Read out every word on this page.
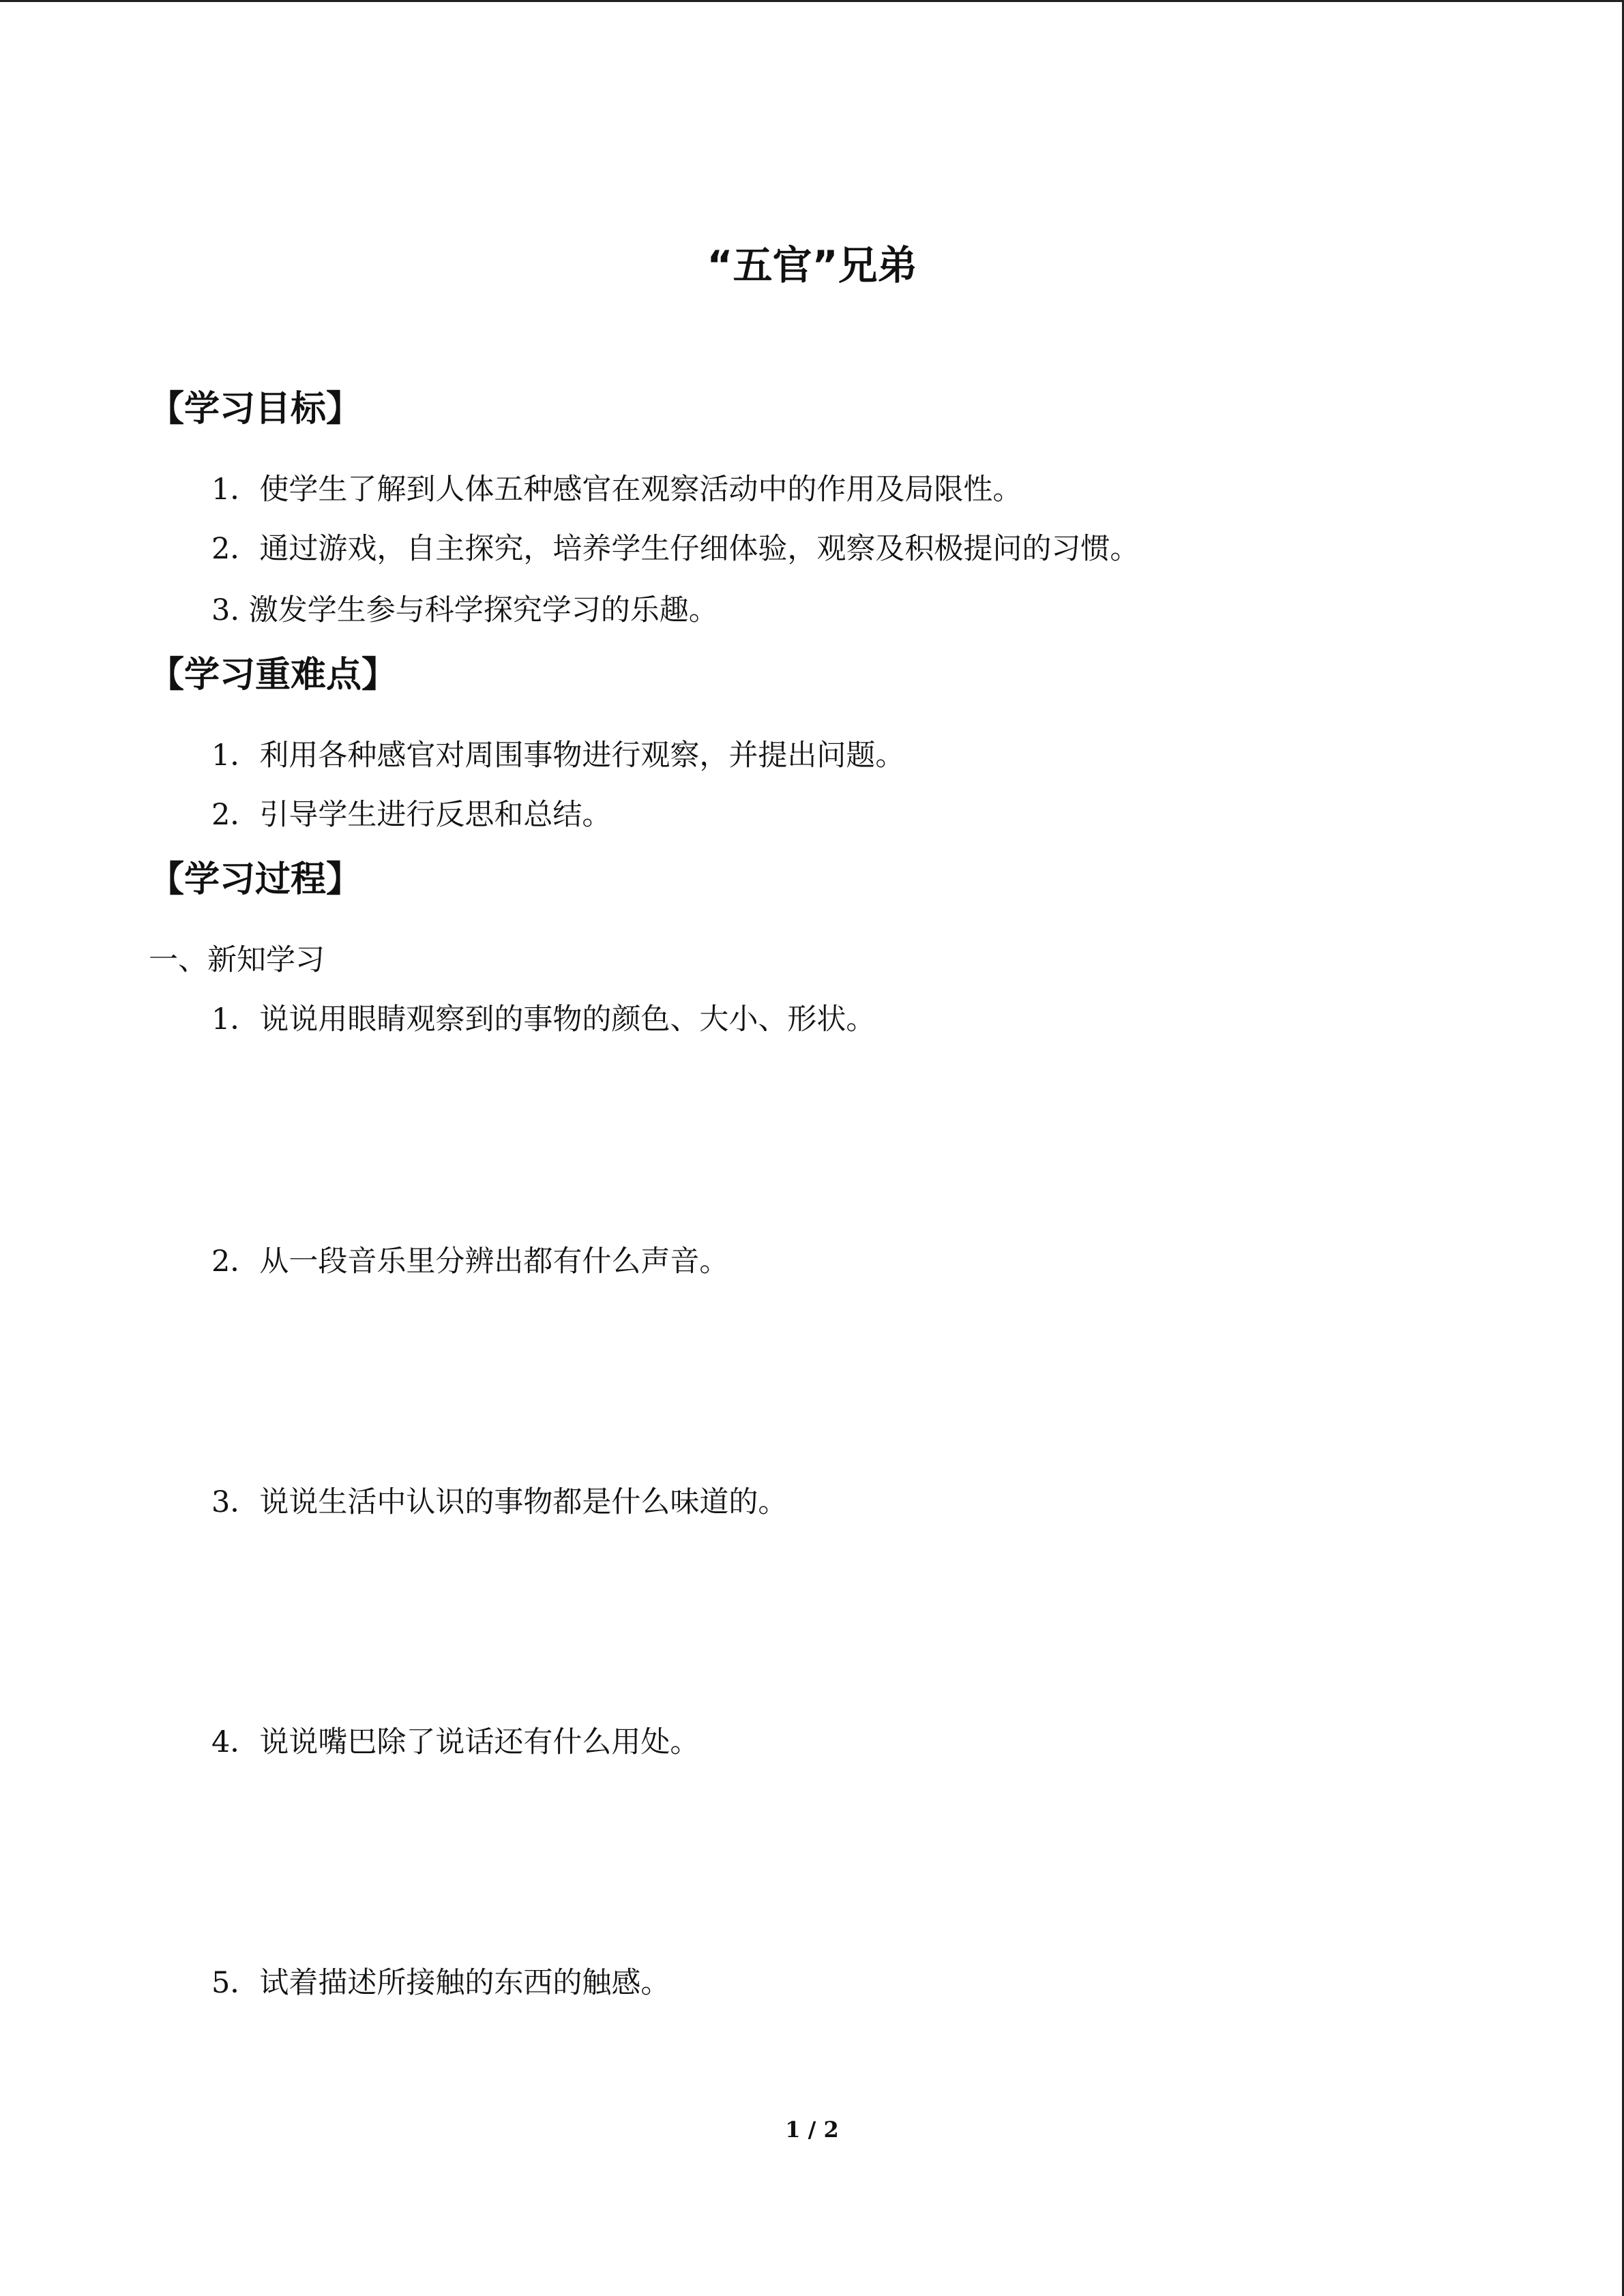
“五官”兄弟
【学习目标】
1．使学生了解到人体五种感官在观察活动中的作用及局限性。
2．通过游戏，自主探究，培养学生仔细体验，观察及积极提问的习惯。
3. 激发学生参与科学探究学习的乐趣。
【学习重难点】
1．利用各种感官对周围事物进行观察，并提出问题。
2．引导学生进行反思和总结。
【学习过程】
一、新知学习
1．说说用眼睛观察到的事物的颜色、大小、形状。
2．从一段音乐里分辨出都有什么声音。
3．说说生活中认识的事物都是什么味道的。
4．说说嘴巴除了说话还有什么用处。
5．试着描述所接触的东西的触感。
1 / 2
